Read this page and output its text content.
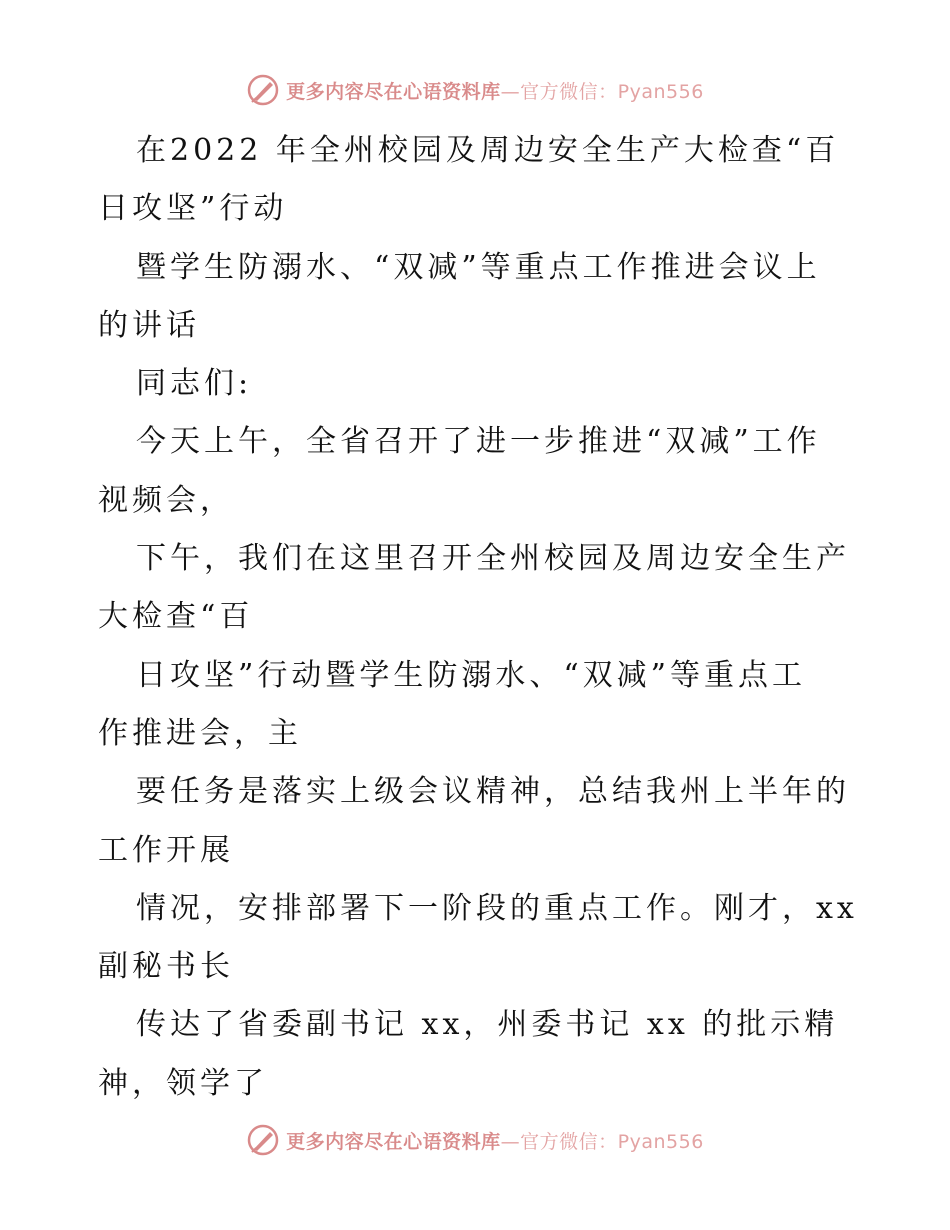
更多内容尽在心语资料库—官方微信：Pyan556
在2022 年全州校园及周边安全生产大检查“百
日攻坚”行动
暨学生防溺水、“双减”等重点工作推进会议上
的讲话
同志们:
今天上午，全省召开了进一步推进“双减”工作
视频会，
下午，我们在这里召开全州校园及周边安全生产
大检查“百
日攻坚”行动暨学生防溺水、“双减”等重点工
作推进会，主
要任务是落实上级会议精神，总结我州上半年的
工作开展
情况，安排部署下一阶段的重点工作。刚才，xx
副秘书长
传达了省委副书记 xx，州委书记 xx 的批示精
神，领学了
更多内容尽在心语资料库—官方微信：Pyan556
